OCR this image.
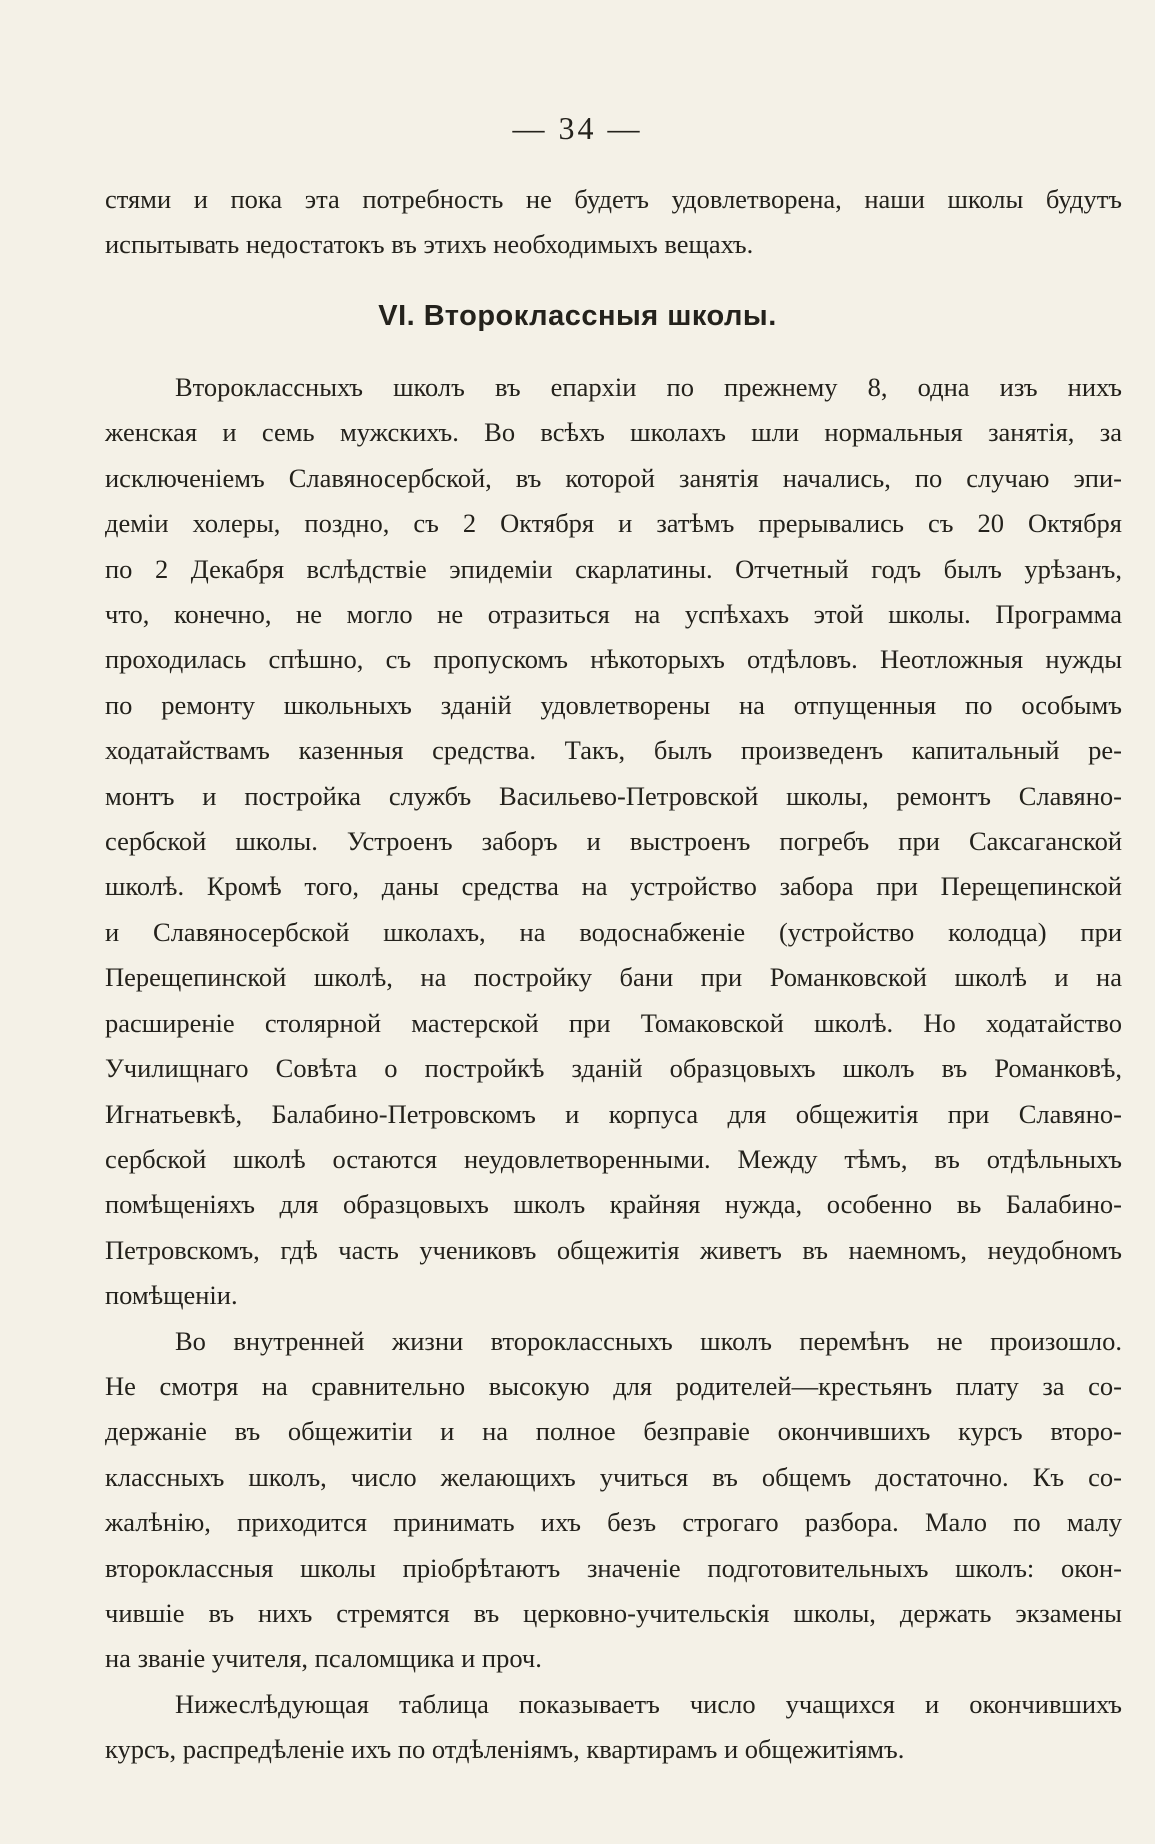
— 34 —

стями и пока эта потребность не будетъ удовлетворена, наши школы будутъ

испытывать недостатокъ въ этихъ необходимыхъ вещахъ.

VI. Второклассныя школы.

Второклассныхъ школъ въ епархіи по прежнему 8, одна изъ нихъ

женская и семь мужскихъ. Во всѣхъ школахъ шли нормальныя занятія, за

исключеніемъ Славяносербской, въ которой занятія начались, по случаю эпи-

деміи холеры, поздно, съ 2 Октября и затѣмъ прерывались съ 20 Октября

по 2 Декабря вслѣдствіе эпидеміи скарлатины. Отчетный годъ былъ урѣзанъ,

что, конечно, не могло не отразиться на успѣхахъ этой школы. Программа

проходилась спѣшно, съ пропускомъ нѣкоторыхъ отдѣловъ. Неотложныя нужды

по ремонту школьныхъ зданій удовлетворены на отпущенныя по особымъ

ходатайствамъ казенныя средства. Такъ, былъ произведенъ капитальный ре-

монтъ и постройка службъ Васильево-Петровской школы, ремонтъ Славяно-

сербской школы. Устроенъ заборъ и выстроенъ погребъ при Саксаганской

школѣ. Кромѣ того, даны средства на устройство забора при Перещепинской

и Славяносербской школахъ, на водоснабженіе (устройство колодца) при

Перещепинской школѣ, на постройку бани при Романковской школѣ и на

расширеніе столярной мастерской при Томаковской школѣ. Но ходатайство

Училищнаго Совѣта о постройкѣ зданій образцовыхъ школъ въ Романковѣ,

Игнатьевкѣ, Балабино-Петровскомъ и корпуса для общежитія при Славяно-

сербской школѣ остаются неудовлетворенными. Между тѣмъ, въ отдѣльныхъ

помѣщеніяхъ для образцовыхъ школъ крайняя нужда, особенно вь Балабино-

Петровскомъ, гдѣ часть учениковъ общежитія живетъ въ наемномъ, неудобномъ

помѣщеніи.

Во внутренней жизни второклассныхъ школъ перемѣнъ не произошло.

Не смотря на сравнительно высокую для родителей—крестьянъ плату за со-

держаніе въ общежитіи и на полное безправіе окончившихъ курсъ второ-

классныхъ школъ, число желающихъ учиться въ общемъ достаточно. Къ со-

жалѣнію, приходится принимать ихъ безъ строгаго разбора. Мало по малу

второклассныя школы пріобрѣтаютъ значеніе подготовительныхъ школъ: окон-

чившіе въ нихъ стремятся въ церковно-учительскія школы, держать экзамены

на званіе учителя, псаломщика и проч.

Нижеслѣдующая таблица показываетъ число учащихся и окончившихъ

курсъ, распредѣленіе ихъ по отдѣленіямъ, квартирамъ и общежитіямъ.
